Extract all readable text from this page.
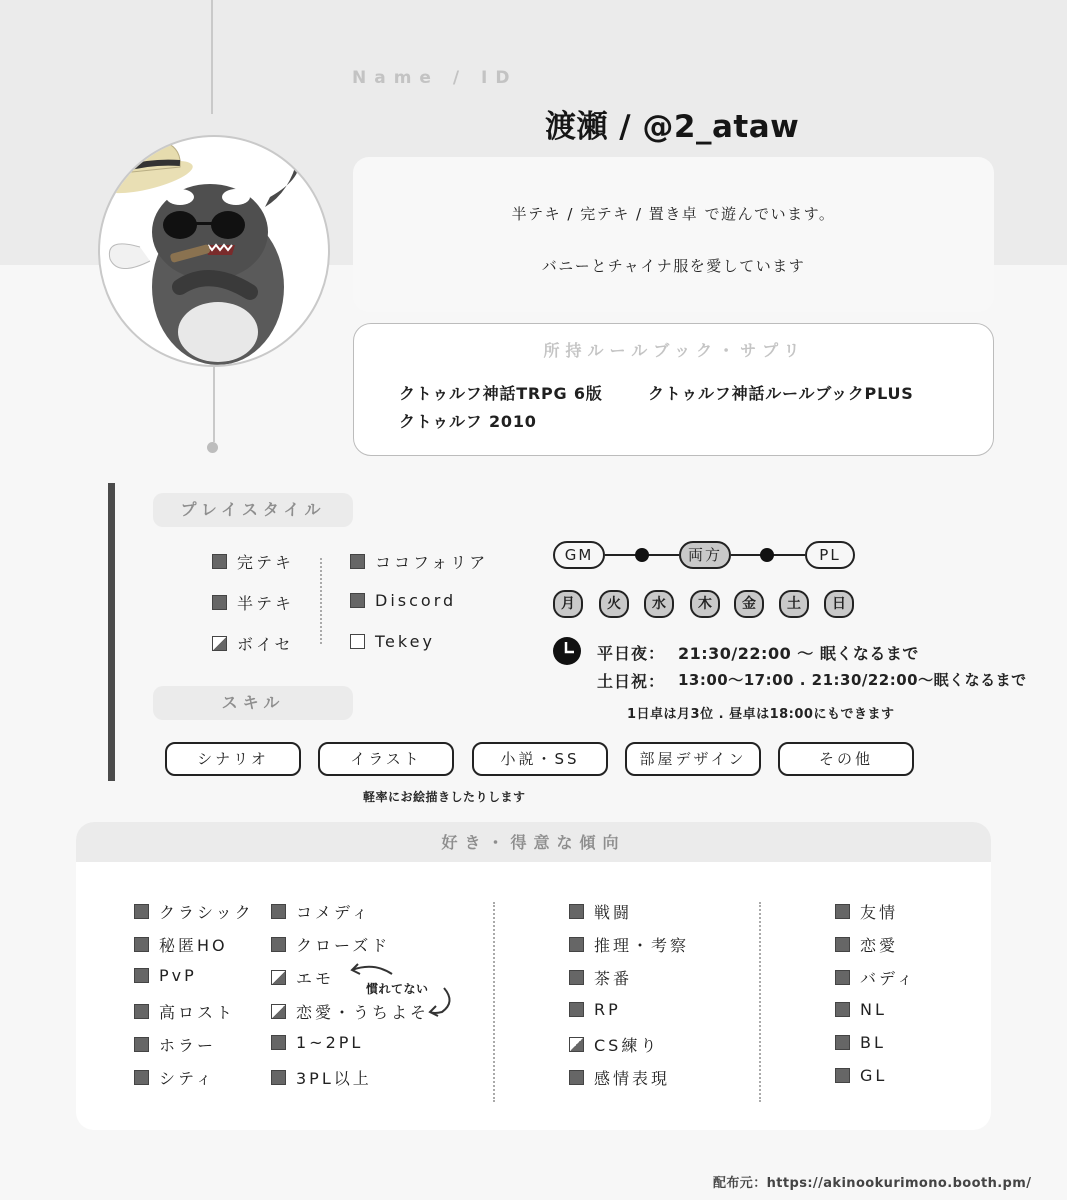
Name / ID
渡瀬 / @2_ataw
半テキ / 完テキ / 置き卓 で遊んでいます。
バニーとチャイナ服を愛しています
所持ルールブック・サプリ
クトゥルフ神話TRPG 6版	クトゥルフ神話ルールブックPLUS
クトゥルフ 2010
プレイスタイル
完テキ
半テキ
ボイセ
ココフォリア
Discord
Tekey
GM	両方	PL
月	火	水	木	金	土	日
平日夜： 21:30/22:00 〜 眠くなるまで
土日祝： 13:00〜17:00 . 21:30/22:00〜眠くなるまで
1日卓は月3位 . 昼卓は18:00にもできます
スキル
シナリオ	イラスト	小説・SS	部屋デザイン	その他
軽率にお絵描きしたりします
好き・得意な傾向
クラシック
秘匿HO
PvP
高ロスト
ホラー
シティ
コメディ
クローズド
エモ
恋愛・うちよそ
1~2PL
3PL以上
慣れてない
戦闘
推理・考察
茶番
RP
CS練り
感情表現
友情
恋愛
バディ
NL
BL
GL
配布元：https://akinookurimono.booth.pm/
